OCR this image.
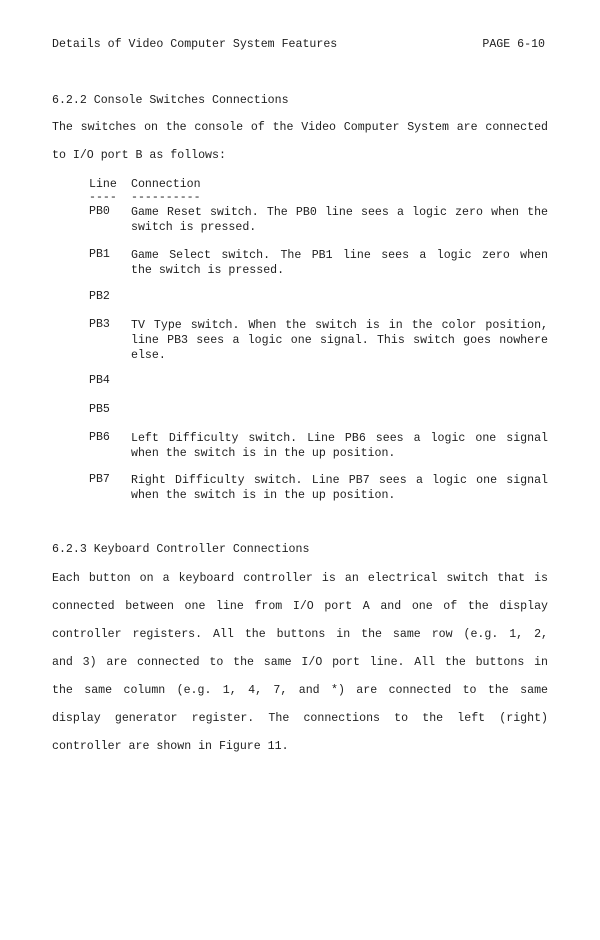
Details of Video Computer System Features	PAGE 6-10
6.2.2 Console Switches Connections
The switches on the console of the Video Computer System are connected
to I/O port B as follows:
Line Connection
---- ----------
PB0 Game Reset switch. The PB0 line sees a logic zero when the
switch is pressed.
PB1 Game Select switch. The PB1 line sees a logic zero when
the switch is pressed.
PB2
PB3 TV Type switch. When the switch is in the color position,
line PB3 sees a logic one signal. This switch goes nowhere
else.
PB4
PB5
PB6 Left Difficulty switch. Line PB6 sees a logic one signal
when the switch is in the up position.
PB7 Right Difficulty switch. Line PB7 sees a logic one signal
when the switch is in the up position.
6.2.3 Keyboard Controller Connections
Each button on a keyboard controller is an electrical switch that is
connected between one line from I/O port A and one of the display
controller registers. All the buttons in the same row (e.g. 1, 2,
and 3) are connected to the same I/O port line. All the buttons in
the same column (e.g. 1, 4, 7, and *) are connected to the same
display generator register. The connections to the left (right)
controller are shown in Figure 11.
